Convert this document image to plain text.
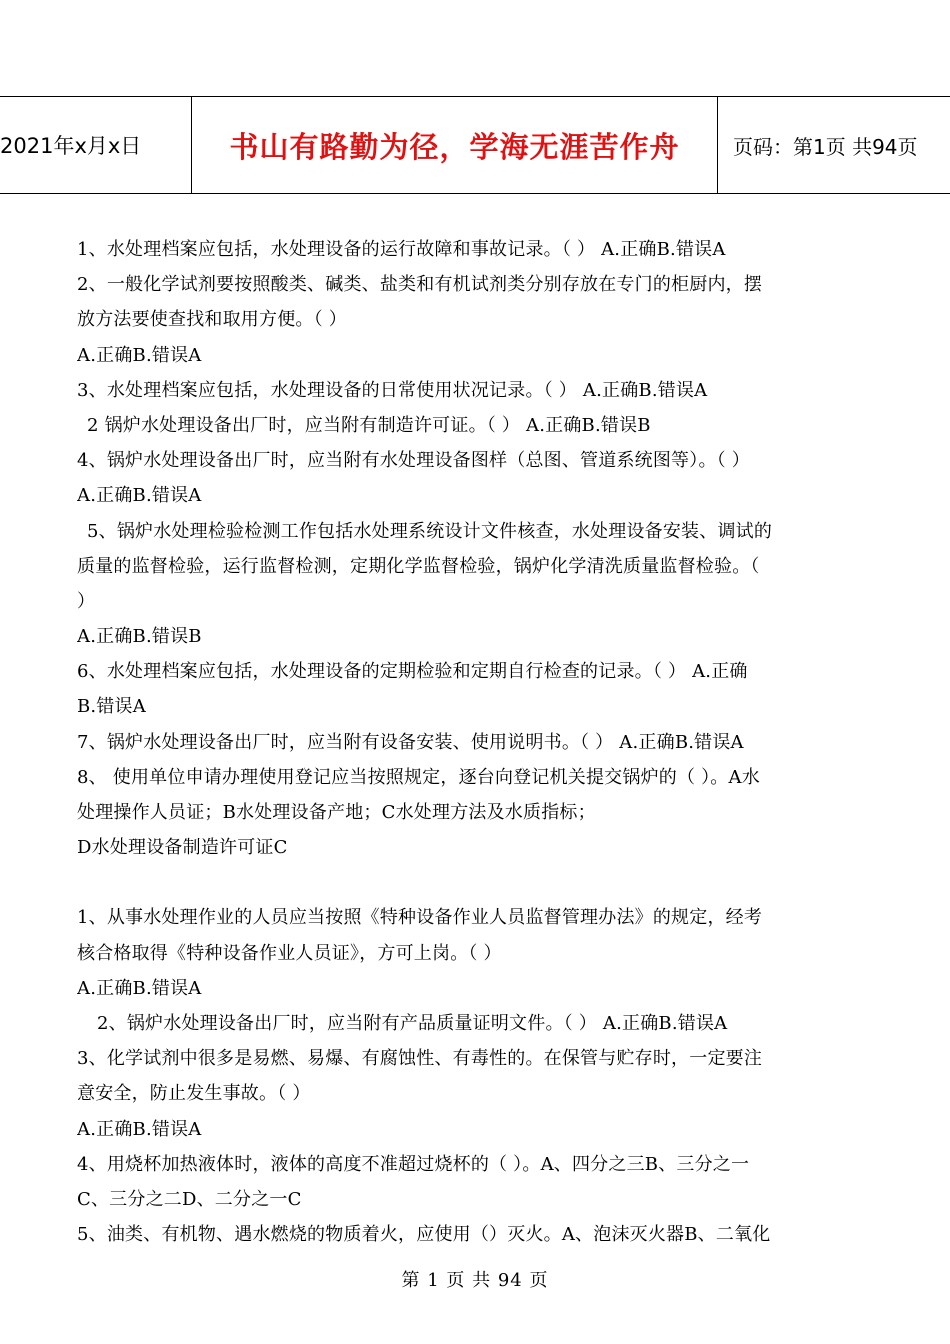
2021年x月x日	书山有路勤为径，学海无涯苦作舟	页码：第1页 共94页
1、水处理档案应包括，水处理设备的运行故障和事故记录。（ ） A.正确B.错误A
2、一般化学试剂要按照酸类、碱类、盐类和有机试剂类分别存放在专门的柜厨内，摆
放方法要使查找和取用方便。（ ）
A.正确B.错误A
3、水处理档案应包括，水处理设备的日常使用状况记录。（ ） A.正确B.错误A
2 锅炉水处理设备出厂时，应当附有制造许可证。（ ） A.正确B.错误B
4、锅炉水处理设备出厂时，应当附有水处理设备图样（总图、管道系统图等）。（ ）
A.正确B.错误A
5、锅炉水处理检验检测工作包括水处理系统设计文件核查，水处理设备安装、调试的
质量的监督检验，运行监督检测，定期化学监督检验，锅炉化学清洗质量监督检验。（
）
A.正确B.错误B
6、水处理档案应包括，水处理设备的定期检验和定期自行检查的记录。（ ） A.正确
B.错误A
7、锅炉水处理设备出厂时，应当附有设备安装、使用说明书。（ ） A.正确B.错误A
8、 使用单位申请办理使用登记应当按照规定，逐台向登记机关提交锅炉的（ ）。A水
处理操作人员证；B水处理设备产地；C水处理方法及水质指标；
D水处理设备制造许可证C
1、从事水处理作业的人员应当按照《特种设备作业人员监督管理办法》的规定，经考
核合格取得《特种设备作业人员证》，方可上岗。（ ）
A.正确B.错误A
2、锅炉水处理设备出厂时，应当附有产品质量证明文件。（ ） A.正确B.错误A
3、化学试剂中很多是易燃、易爆、有腐蚀性、有毒性的。在保管与贮存时，一定要注
意安全，防止发生事故。（ ）
A.正确B.错误A
4、用烧杯加热液体时，液体的高度不准超过烧杯的（ ）。A、四分之三B、三分之一
C、三分之二D、二分之一C
5、油类、有机物、遇水燃烧的物质着火，应使用（）灭火。A、泡沫灭火器B、二氧化
第 1 页 共 94 页
